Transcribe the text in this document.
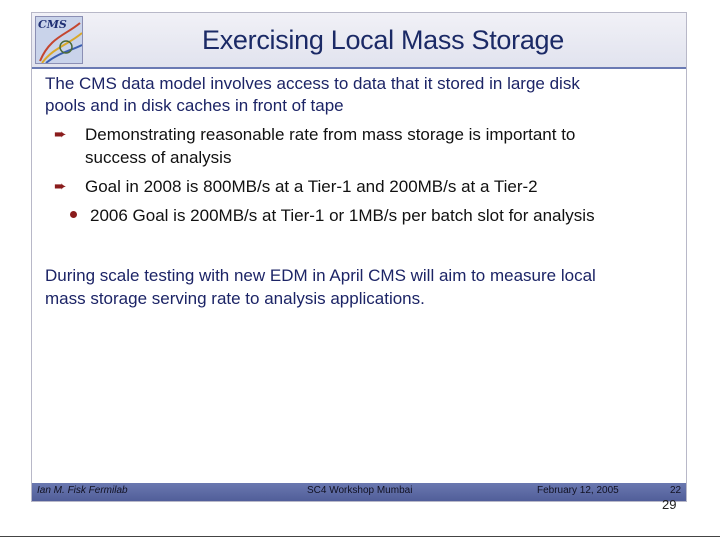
CMS
Exercising Local Mass Storage
The CMS data model involves access to data that it stored in large disk
pools and in disk caches in front of tape
➨ Demonstrating reasonable rate from mass storage is important to
success of analysis
➨ Goal in 2008 is 800MB/s at a Tier-1 and 200MB/s at a Tier-2
2006 Goal is 200MB/s at Tier-1 or 1MB/s per batch slot for analysis
During scale testing with new EDM in April CMS will aim to measure local
mass storage serving rate to analysis applications.
Ian M. Fisk Fermilab	SC4 Workshop Mumbai	February 12, 2005	22
29
